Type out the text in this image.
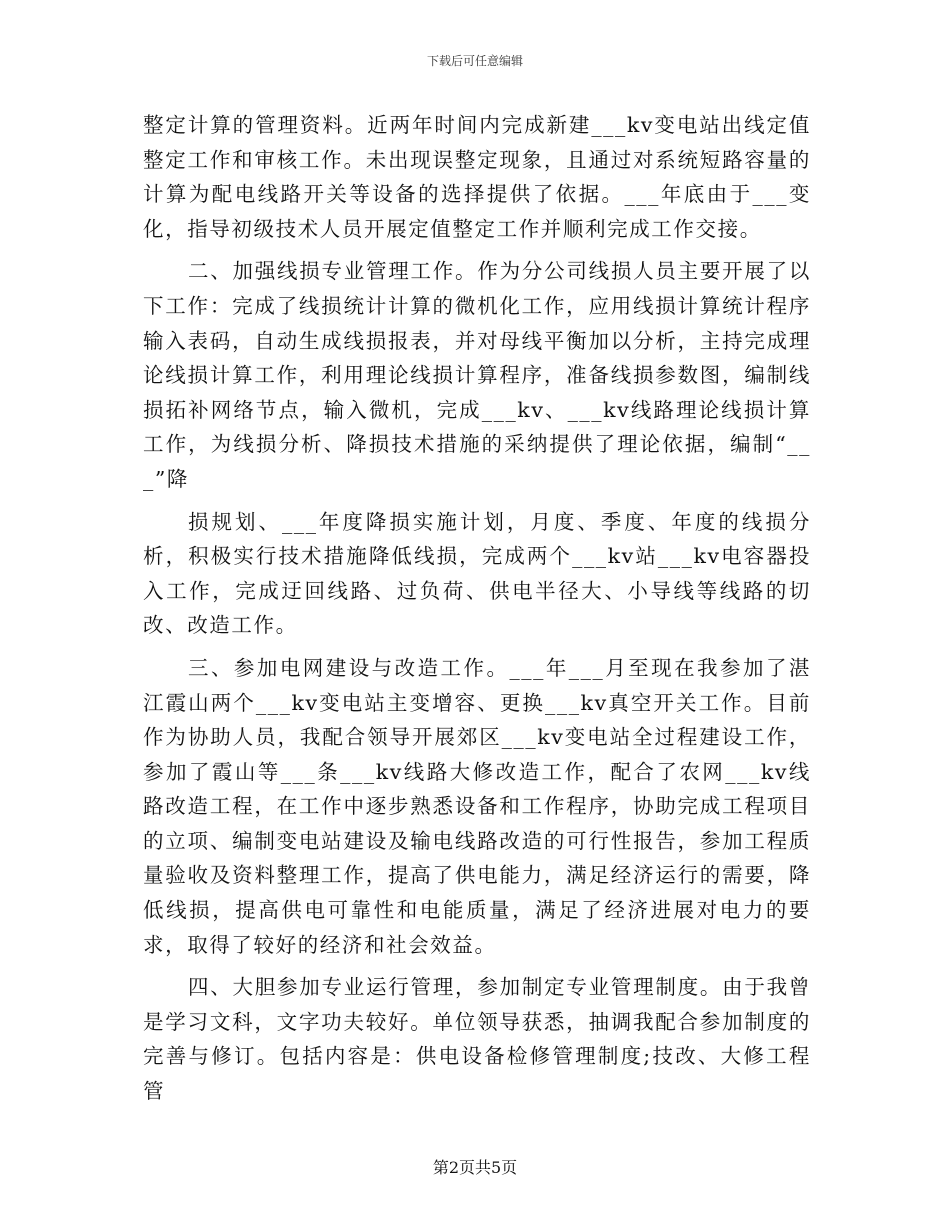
下载后可任意编辑

整定计算的管理资料。近两年时间内完成新建___kv变电站出线定值整定工作和审核工作。未出现误整定现象，且通过对系统短路容量的计算为配电线路开关等设备的选择提供了依据。___年底由于___变化，指导初级技术人员开展定值整定工作并顺利完成工作交接。

二、加强线损专业管理工作。作为分公司线损人员主要开展了以下工作：完成了线损统计计算的微机化工作，应用线损计算统计程序输入表码，自动生成线损报表，并对母线平衡加以分析，主持完成理论线损计算工作，利用理论线损计算程序，准备线损参数图，编制线损拓补网络节点，输入微机，完成___kv、___kv线路理论线损计算工作，为线损分析、降损技术措施的采纳提供了理论依据，编制“___”降

损规划、___年度降损实施计划，月度、季度、年度的线损分析，积极实行技术措施降低线损，完成两个___kv站___kv电容器投入工作，完成迂回线路、过负荷、供电半径大、小导线等线路的切改、改造工作。

三、参加电网建设与改造工作。___年___月至现在我参加了湛江霞山两个___kv变电站主变增容、更换___kv真空开关工作。目前作为协助人员，我配合领导开展郊区___kv变电站全过程建设工作，参加了霞山等___条___kv线路大修改造工作，配合了农网___kv线路改造工程，在工作中逐步熟悉设备和工作程序，协助完成工程项目的立项、编制变电站建设及输电线路改造的可行性报告，参加工程质量验收及资料整理工作，提高了供电能力，满足经济运行的需要，降低线损，提高供电可靠性和电能质量，满足了经济进展对电力的要求，取得了较好的经济和社会效益。

四、大胆参加专业运行管理，参加制定专业管理制度。由于我曾是学习文科，文字功夫较好。单位领导获悉，抽调我配合参加制度的完善与修订。包括内容是：供电设备检修管理制度;技改、大修工程管

第2页共5页
